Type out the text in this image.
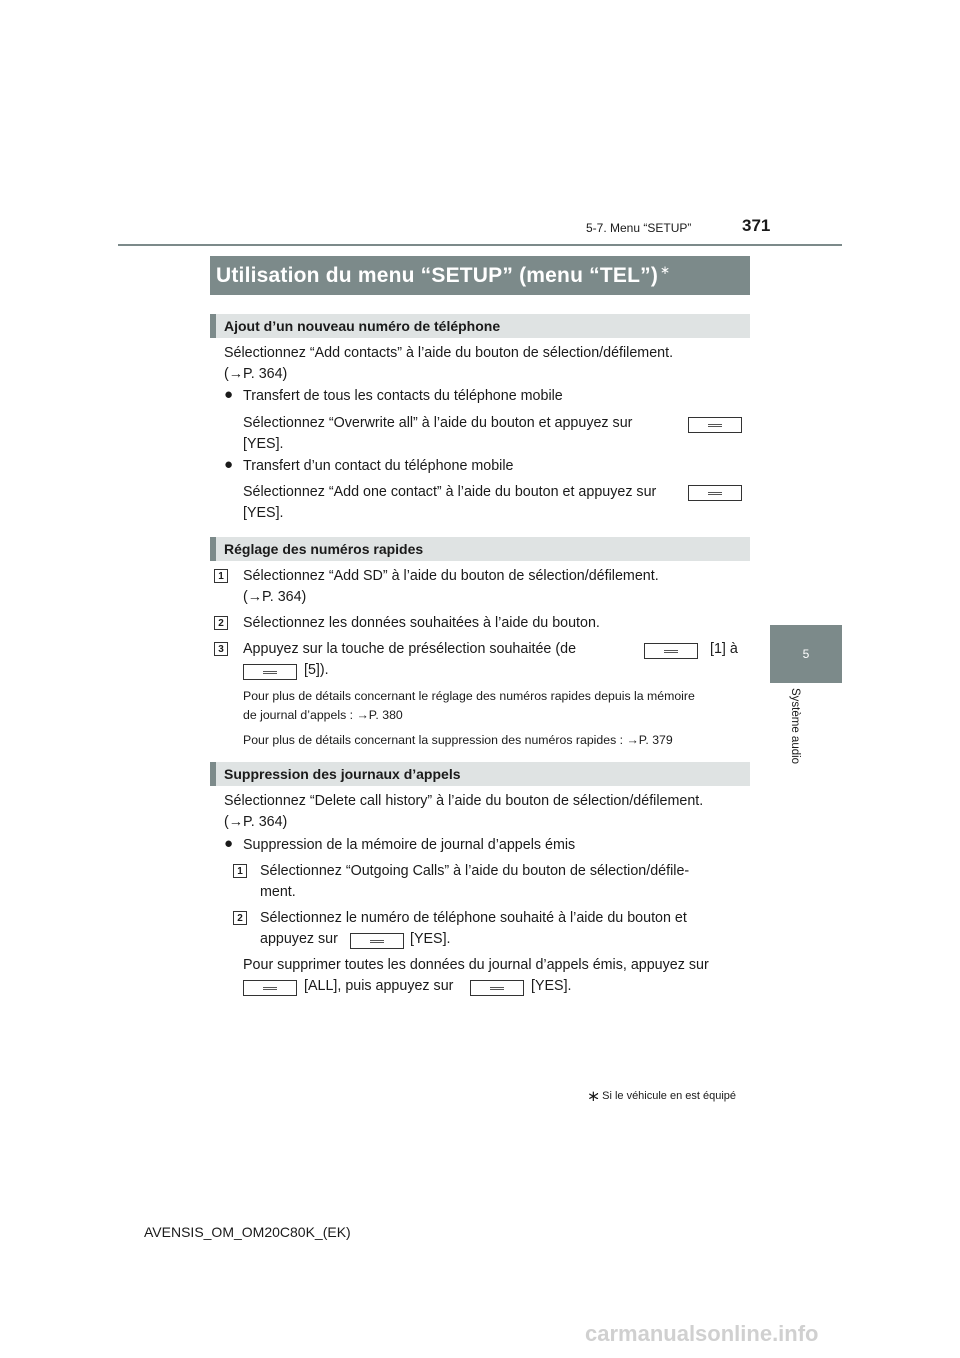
5-7. Menu “SETUP”	371
5
Système audio
Utilisation du menu “SETUP” (menu “TEL”)∗
Ajout d’un nouveau numéro de téléphone
Sélectionnez “Add contacts” à l’aide du bouton de sélection/défilement.
(→P. 364)
● Transfert de tous les contacts du téléphone mobile
Sélectionnez “Overwrite all” à l’aide du bouton et appuyez sur
[YES].
● Transfert d’un contact du téléphone mobile
Sélectionnez “Add one contact” à l’aide du bouton et appuyez sur
[YES].
Réglage des numéros rapides
1 Sélectionnez “Add SD” à l’aide du bouton de sélection/défilement.
(→P. 364)
2 Sélectionnez les données souhaitées à l’aide du bouton.
3 Appuyez sur la touche de présélection souhaitée (de	[1] à
[5]).
Pour plus de détails concernant le réglage des numéros rapides depuis la mémoire
de journal d’appels : →P. 380
Pour plus de détails concernant la suppression des numéros rapides : →P. 379
Suppression des journaux d’appels
Sélectionnez “Delete call history” à l’aide du bouton de sélection/défilement.
(→P. 364)
● Suppression de la mémoire de journal d’appels émis
1 Sélectionnez “Outgoing Calls” à l’aide du bouton de sélection/défile-
ment.
2 Sélectionnez le numéro de téléphone souhaité à l’aide du bouton et
appuyez sur	[YES].
Pour supprimer toutes les données du journal d’appels émis, appuyez sur
[ALL], puis appuyez sur	[YES].
∗
: Si le véhicule en est équipé
AVENSIS_OM_OM20C80K_(EK)
carmanualsonline.info
